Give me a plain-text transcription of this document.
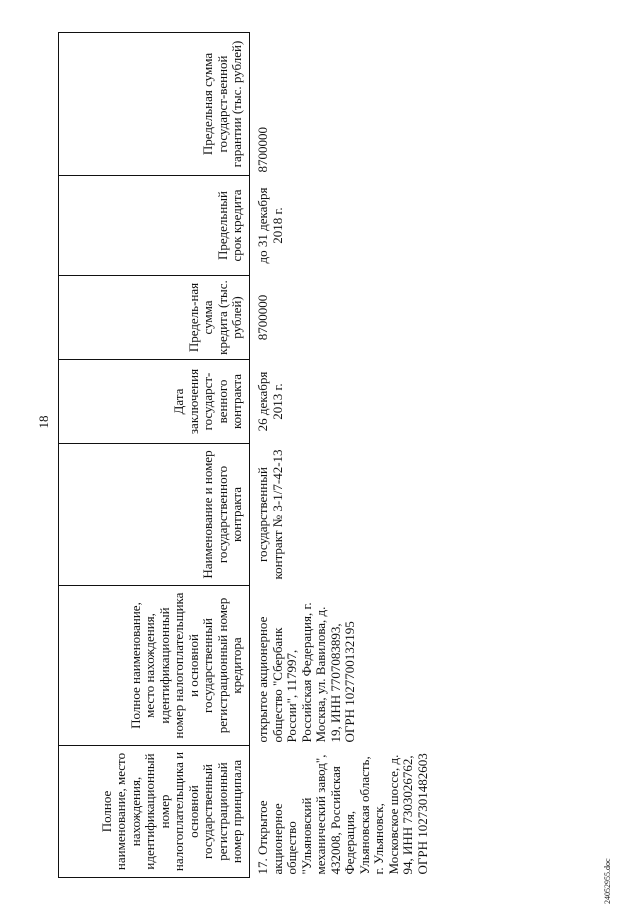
18
24052955.doc
Полное наименование, место нахождения, идентификационный номер налогоплательщика и основной государственный регистрационный номер принципала	Полное наименование, место нахождения, идентификационный номер налогоплательщика и основной государственный регистрационный номер кредитора	Наименование и номер государственного контракта	Дата заключения государст-венного контракта	Предель-ная сумма кредита (тыс. рублей)	Предельный срок кредита	Предельная сумма государст-венной гарантии (тыс. рублей)
17. Открытое акционерное общество "Ульяновский механический завод", 432008, Российская Федерация, Ульяновская область, г. Ульяновск, Московское шоссе, д. 94, ИНН 7303026762, ОГРН 1027301482603	открытое акционерное общество "Сбербанк России", 117997, Российская Федерация, г. Москва, ул. Вавилова, д. 19, ИНН 7707083893, ОГРН 1027700132195	государственный контракт № 3-1/7-42-13	26 декабря 2013 г.	8700000	до 31 декабря 2018 г.	8700000
